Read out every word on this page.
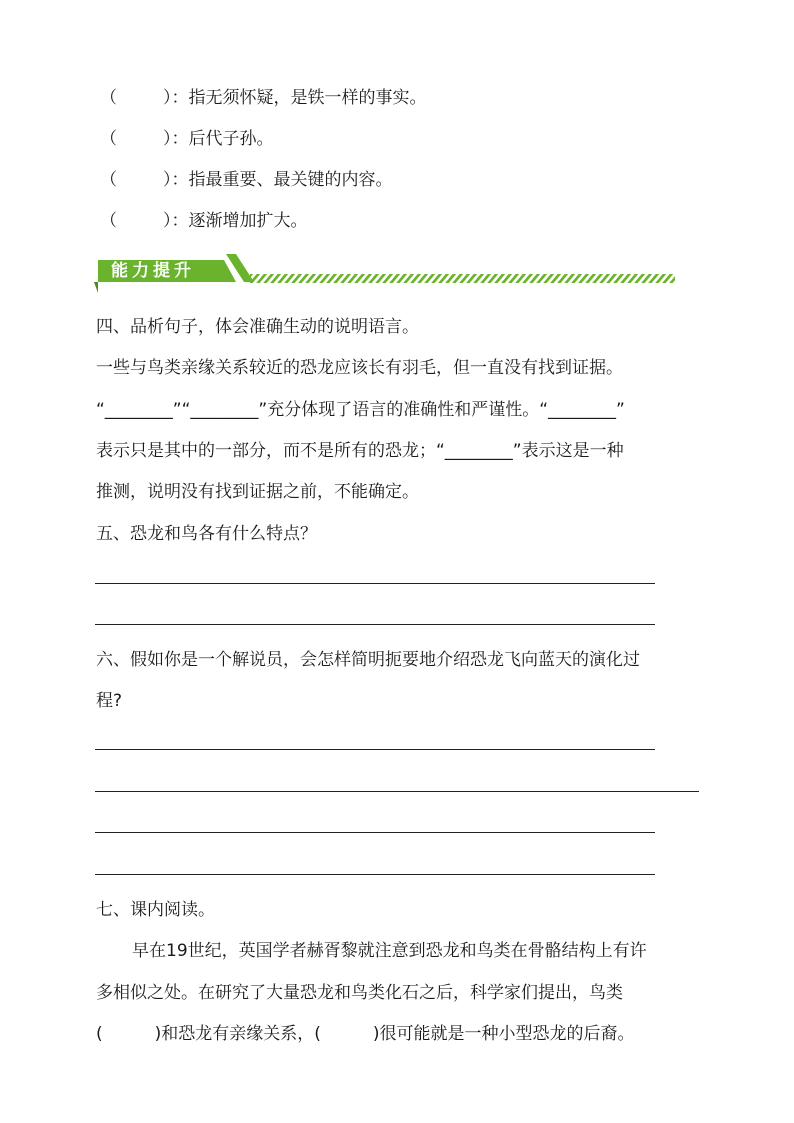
（	）：指无须怀疑，是铁一样的事实。
（	）：后代子孙。
（	）：指最重要、最关键的内容。
（	）：逐渐增加扩大。
能力提升
四、品析句子，体会准确生动的说明语言。
一些与鸟类亲缘关系较近的恐龙应该长有羽毛，但一直没有找到证据。
“________”“________”充分体现了语言的准确性和严谨性。“________”
表示只是其中的一部分，而不是所有的恐龙；“________”表示这是一种
推测，说明没有找到证据之前，不能确定。
五、恐龙和鸟各有什么特点？
六、假如你是一个解说员，会怎样简明扼要地介绍恐龙飞向蓝天的演化过
程?
七、课内阅读。
早在19世纪，英国学者赫胥黎就注意到恐龙和鸟类在骨骼结构上有许
多相似之处。在研究了大量恐龙和鸟类化石之后，科学家们提出，鸟类
(	)和恐龙有亲缘关系，(	)很可能就是一种小型恐龙的后裔。
